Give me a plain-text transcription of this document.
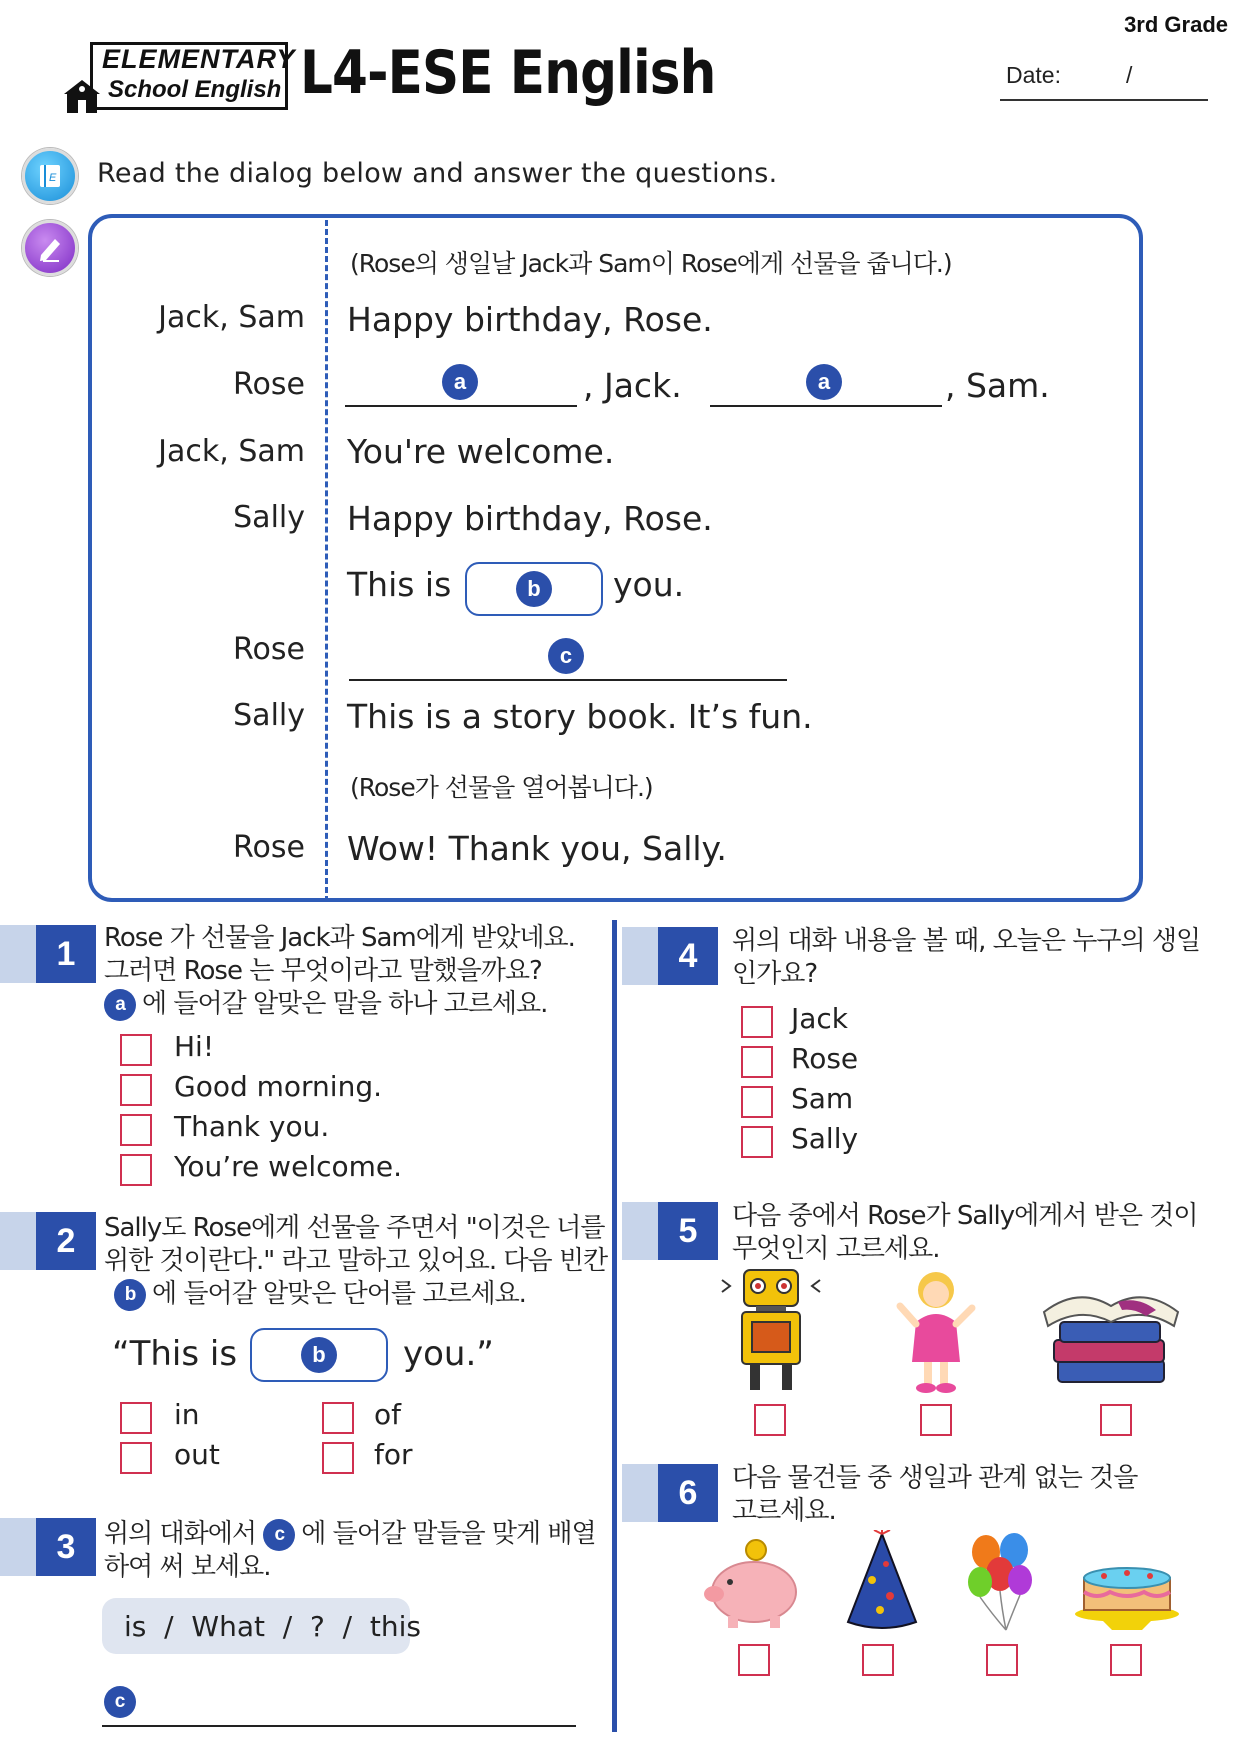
3rd Grade
ELEMENTARY
School English L4-ESE English	Date:	/
E Read the dialog below and answer the questions.
(Rose의 생일날 Jack과 Sam이 Rose에게 선물을 줍니다.)
Jack, Sam Happy birthday, Rose.
Rose	a	, Jack.	a	, Sam.
Jack, Sam You're welcome.
Sally Happy birthday, Rose.
This is	b	you.
Rose	c
Sally This is a story book. It’s fun.
(Rose가 선물을 열어봅니다.)
Rose Wow! Thank you, Sally.
1	Rose 가 선물을 Jack과 Sam에게 받았네요.
그러면 Rose 는 무엇이라고 말했을까요?
a 에 들어갈 알맞은 말을 하나 고르세요.
Hi!
Good morning.
Thank you.
You’re welcome.
2	Sally도 Rose에게 선물을 주면서 "이것은 너를
위한 것이란다." 라고 말하고 있어요. 다음 빈칸
b 에 들어갈 알맞은 단어를 고르세요.
“This is	b	you.”
in	of
out	for
3	위의 대화에서 c 에 들어갈 말들을 맞게 배열
하여 써 보세요.
is  /  What  /  ?  /  this
c
4	위의 대화 내용을 볼 때, 오늘은 누구의 생일
인가요?
Jack
Rose
Sam
Sally
5	다음 중에서 Rose가 Sally에게서 받은 것이
무엇인지 고르세요.
6	다음 물건들 중 생일과 관계 없는 것을
고르세요.
